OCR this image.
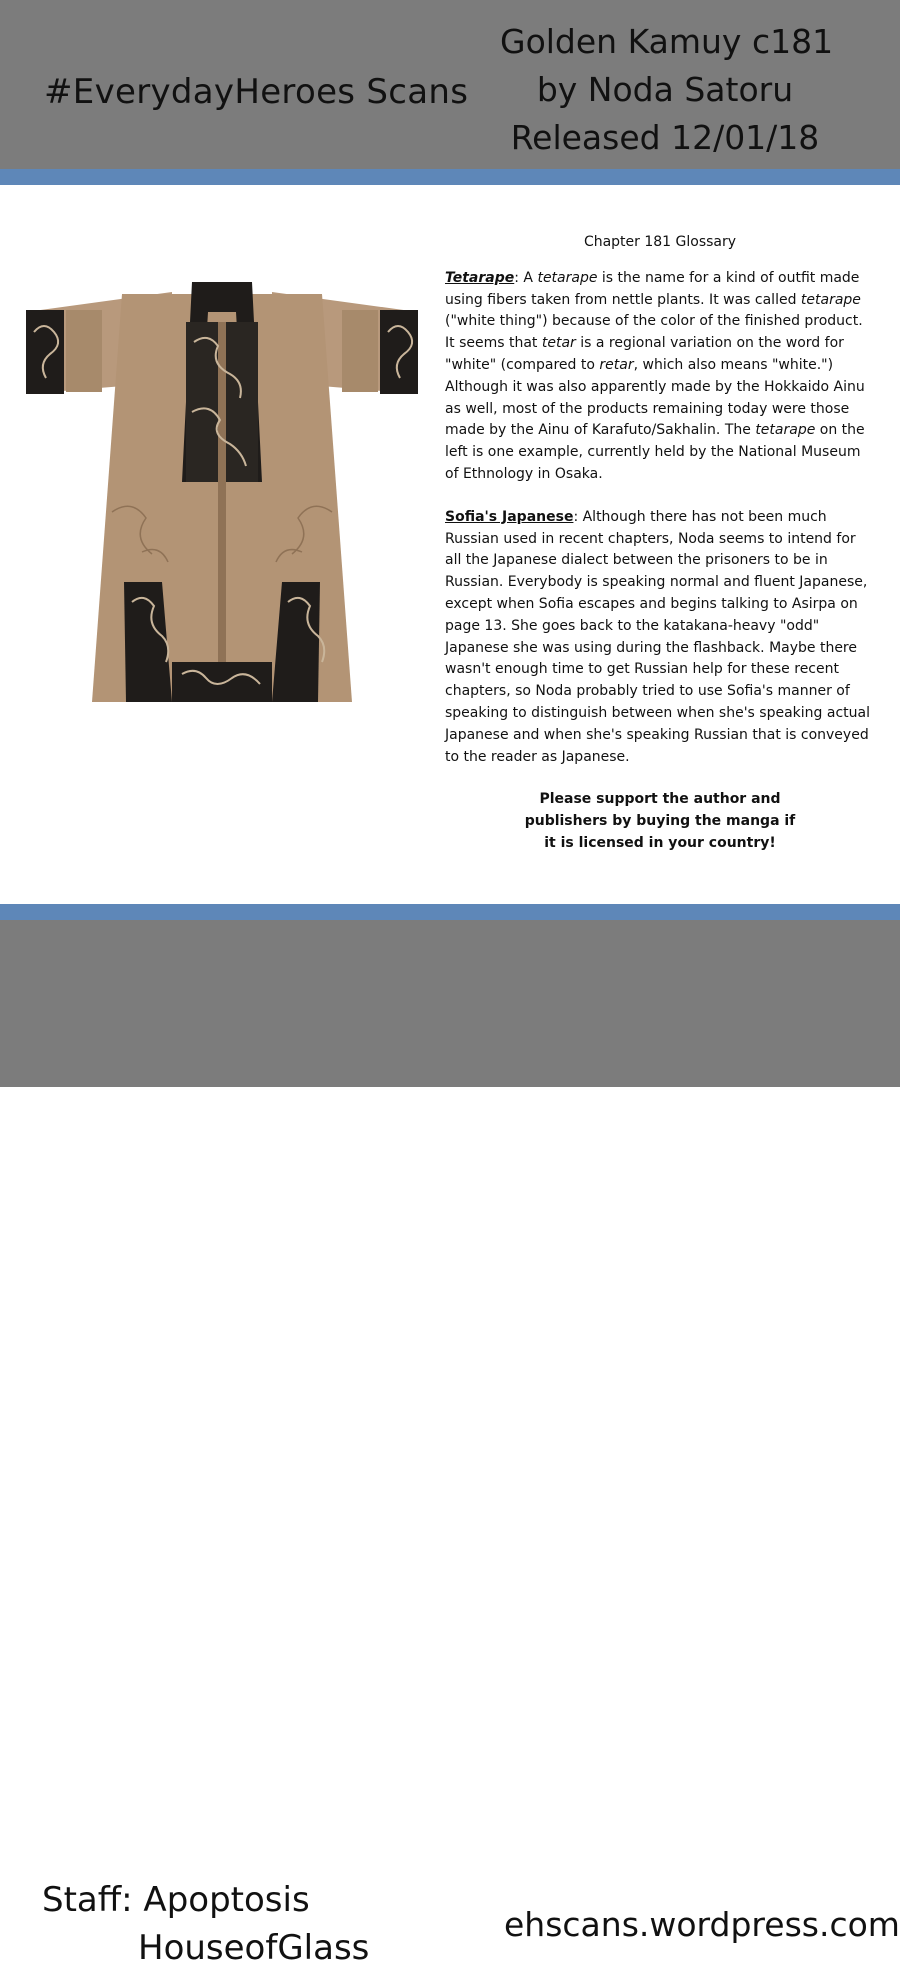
#EverydayHeroes Scans
Golden Kamuy c181
by Noda Satoru
Released 12/01/18
Chapter 181 Glossary

Tetarape: A tetarape is the name for a kind of outfit made using fibers taken from nettle plants. It was called tetarape ("white thing") because of the color of the finished product. It seems that tetar is a regional variation on the word for "white" (compared to retar, which also means "white.") Although it was also apparently made by the Hokkaido Ainu as well, most of the products remaining today were those made by the Ainu of Karafuto/Sakhalin. The tetarape on the left is one example, currently held by the National Museum of Ethnology in Osaka.

Sofia's Japanese: Although there has not been much Russian used in recent chapters, Noda seems to intend for all the Japanese dialect between the prisoners to be in Russian. Everybody is speaking normal and fluent Japanese, except when Sofia escapes and begins talking to Asirpa on page 13. She goes back to the katakana-heavy "odd" Japanese she was using during the flashback. Maybe there wasn't enough time to get Russian help for these recent chapters, so Noda probably tried to use Sofia's manner of speaking to distinguish between when she's speaking actual Japanese and when she's speaking Russian that is conveyed to the reader as Japanese.

Please support the author and
publishers by buying the manga if
it is licensed in your country!
Staff: Apoptosis
HouseofGlass
ehscans.wordpress.com
